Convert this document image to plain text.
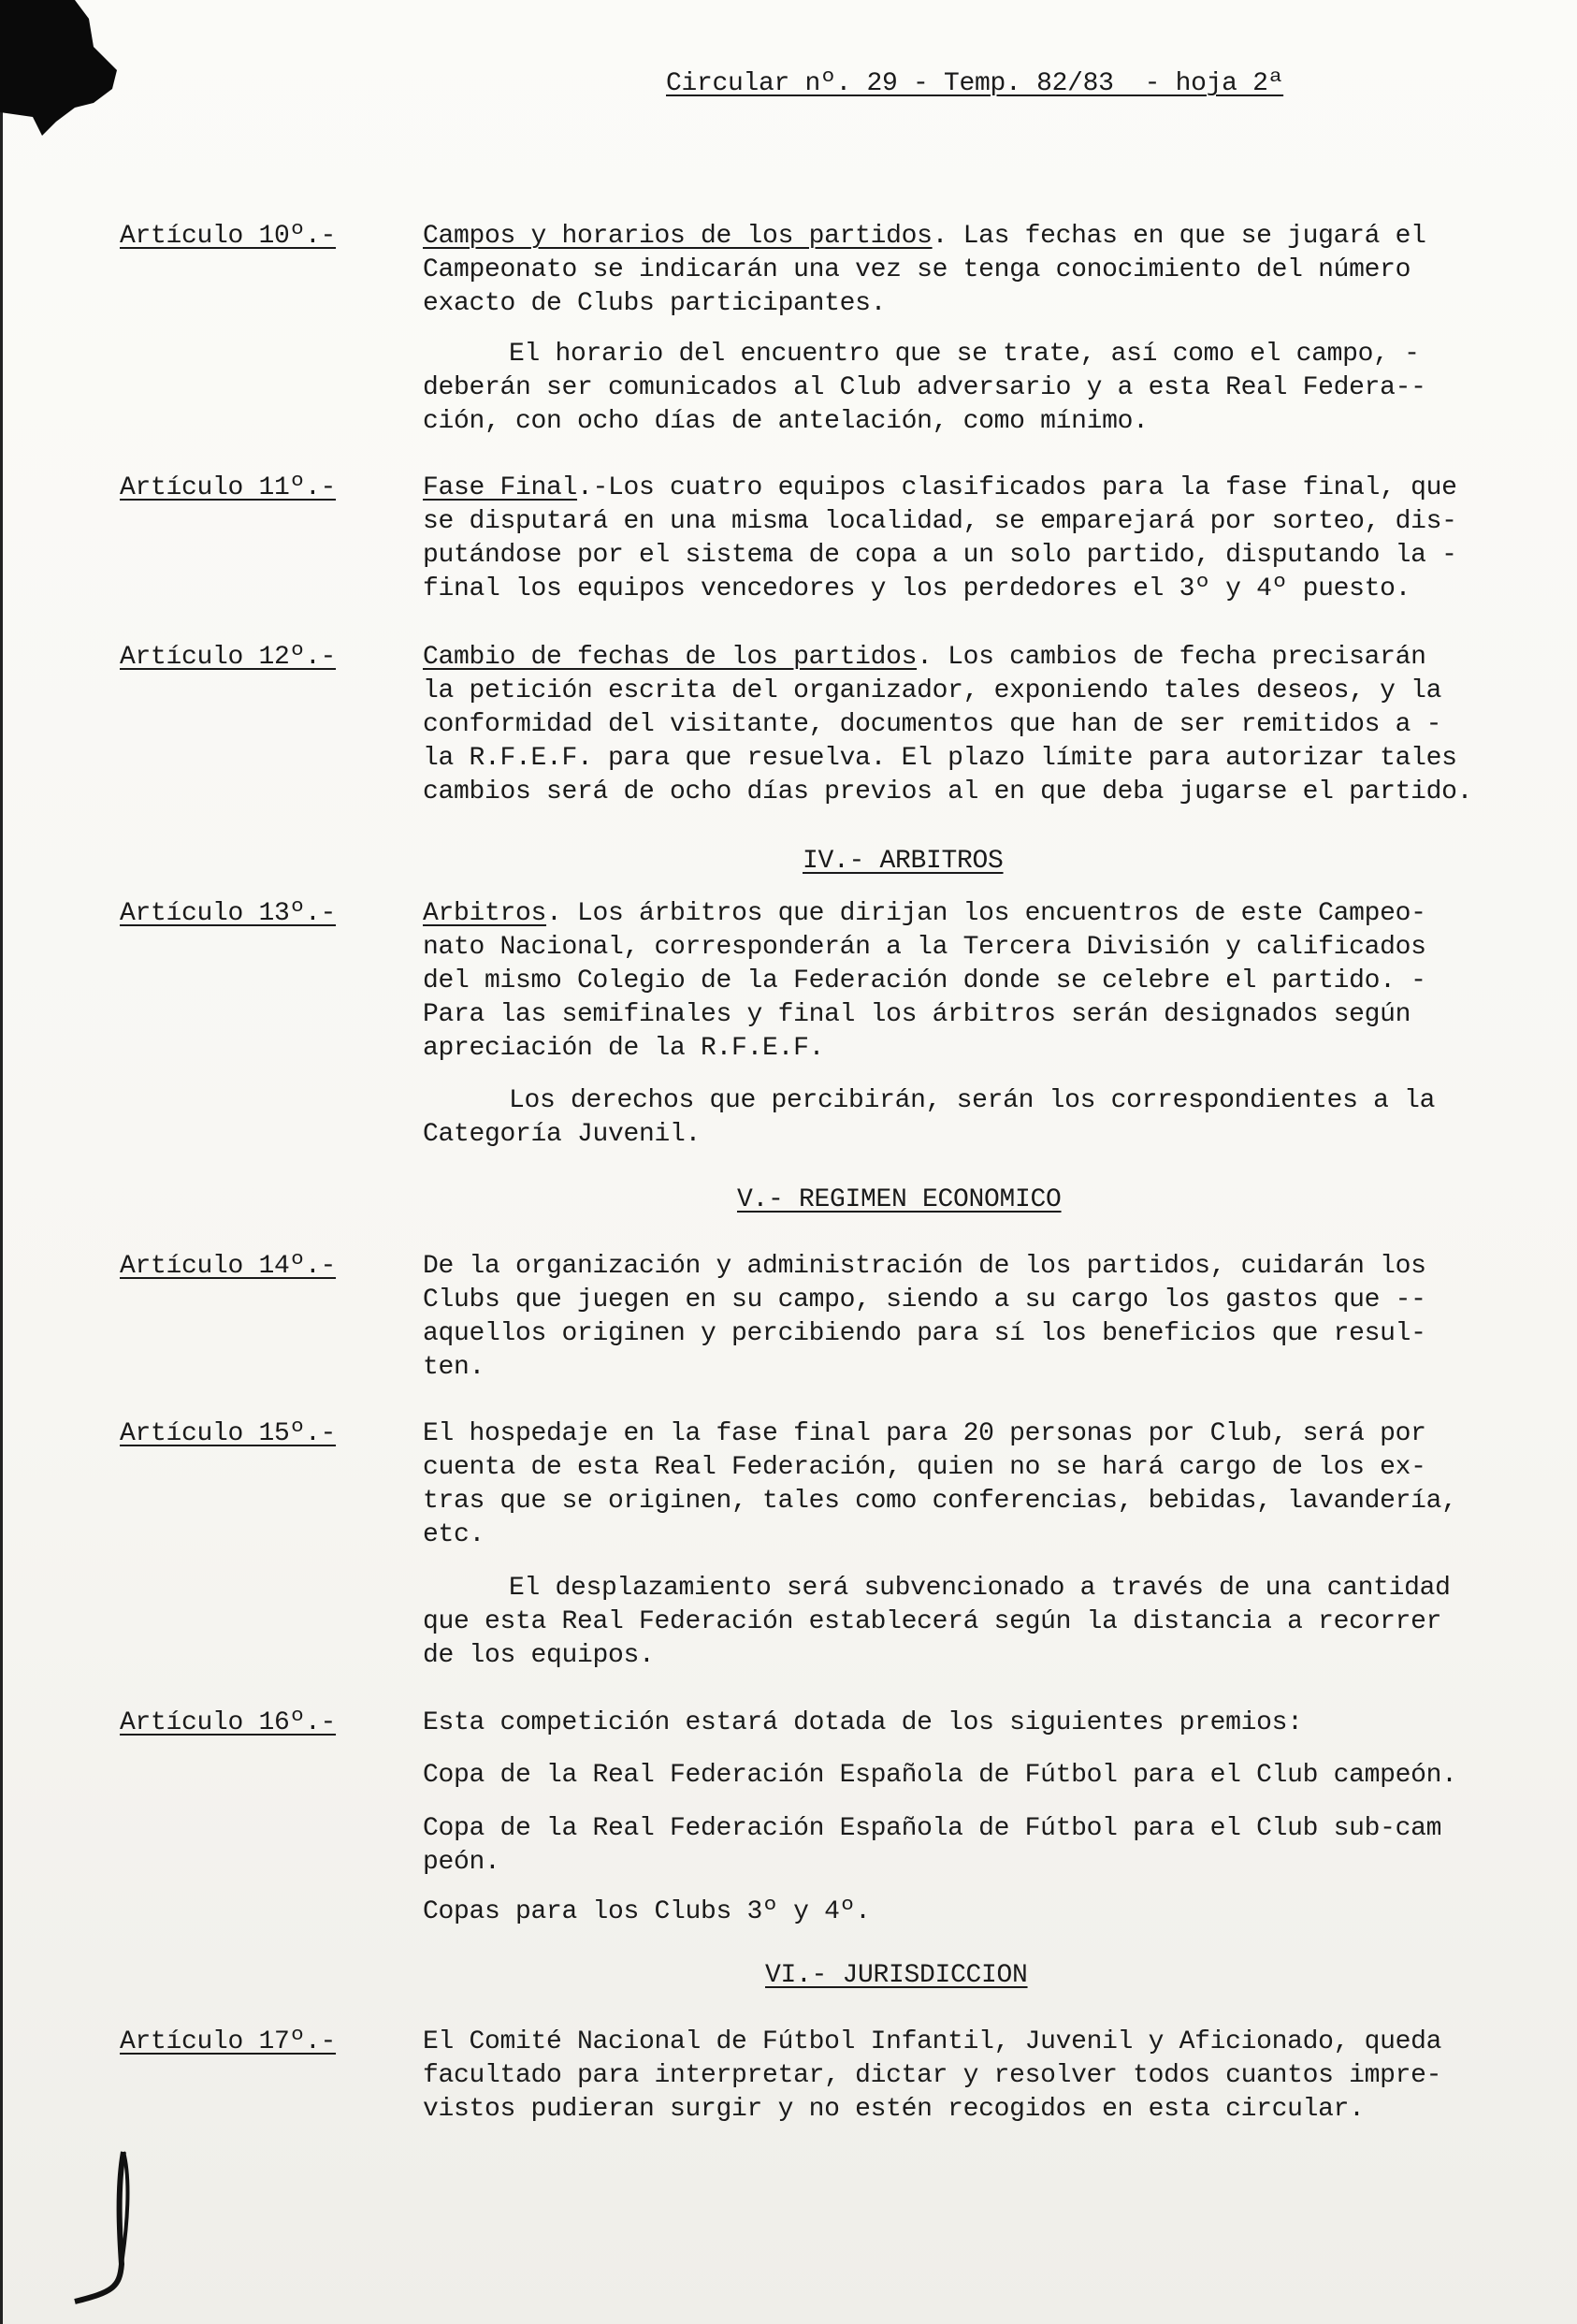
Circular nº. 29 - Temp. 82/83  - hoja 2ª
Artículo 10º.-	Campos y horarios de los partidos. Las fechas en que se jugará el
Campeonato se indicarán una vez se tenga conocimiento del número
exacto de Clubs participantes.
El horario del encuentro que se trate, así como el campo, -
deberán ser comunicados al Club adversario y a esta Real Federa--
ción, con ocho días de antelación, como mínimo.
Artículo 11º.-	Fase Final.-Los cuatro equipos clasificados para la fase final, que
se disputará en una misma localidad, se emparejará por sorteo, dis-
putándose por el sistema de copa a un solo partido, disputando la -
final los equipos vencedores y los perdedores el 3º y 4º puesto.
Artículo 12º.-	Cambio de fechas de los partidos. Los cambios de fecha precisarán
la petición escrita del organizador, exponiendo tales deseos, y la
conformidad del visitante, documentos que han de ser remitidos a -
la R.F.E.F. para que resuelva. El plazo límite para autorizar tales
cambios será de ocho días previos al en que deba jugarse el partido.
IV.- ARBITROS
Artículo 13º.-	Arbitros. Los árbitros que dirijan los encuentros de este Campeo-
nato Nacional, corresponderán a la Tercera División y calificados
del mismo Colegio de la Federación donde se celebre el partido. -
Para las semifinales y final los árbitros serán designados según
apreciación de la R.F.E.F.
Los derechos que percibirán, serán los correspondientes a la
Categoría Juvenil.
V.- REGIMEN ECONOMICO
Artículo 14º.-	De la organización y administración de los partidos, cuidarán los
Clubs que juegen en su campo, siendo a su cargo los gastos que --
aquellos originen y percibiendo para sí los beneficios que resul-
ten.
Artículo 15º.-	El hospedaje en la fase final para 20 personas por Club, será por
cuenta de esta Real Federación, quien no se hará cargo de los ex-
tras que se originen, tales como conferencias, bebidas, lavandería,
etc.
El desplazamiento será subvencionado a través de una cantidad
que esta Real Federación establecerá según la distancia a recorrer
de los equipos.
Artículo 16º.-	Esta competición estará dotada de los siguientes premios:
Copa de la Real Federación Española de Fútbol para el Club campeón.
Copa de la Real Federación Española de Fútbol para el Club sub-cam
peón.
Copas para los Clubs 3º y 4º.
VI.- JURISDICCION
Artículo 17º.-	El Comité Nacional de Fútbol Infantil, Juvenil y Aficionado, queda
facultado para interpretar, dictar y resolver todos cuantos impre-
vistos pudieran surgir y no estén recogidos en esta circular.
